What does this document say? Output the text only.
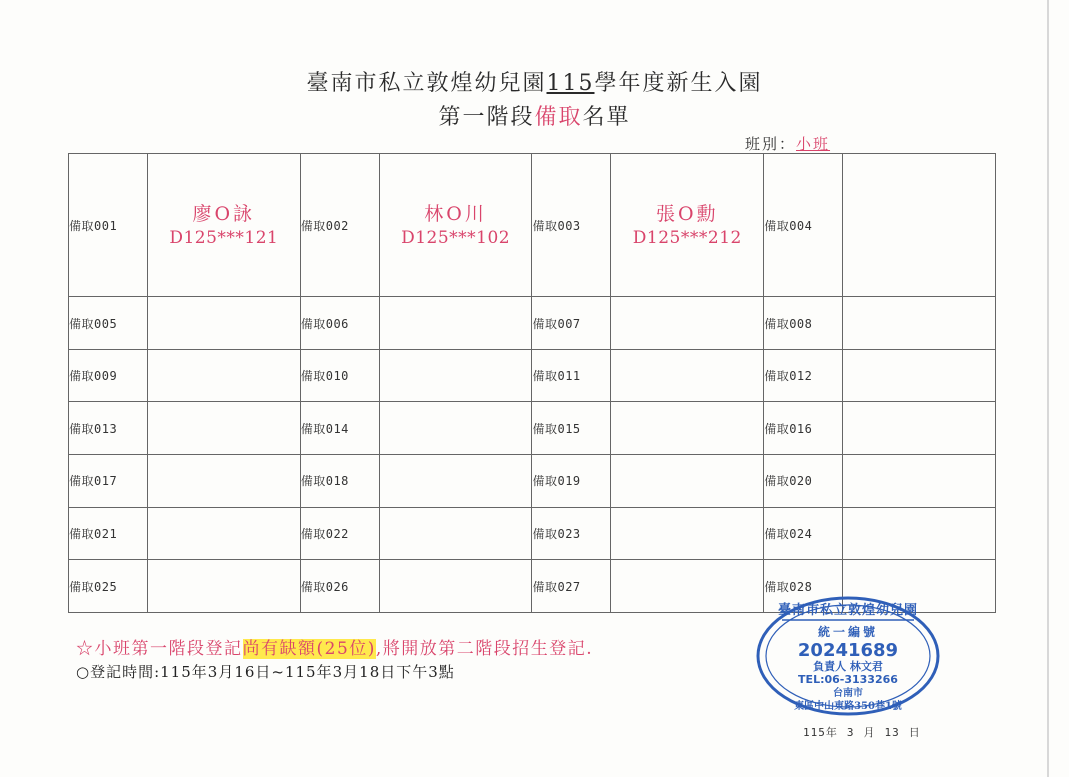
臺南市私立敦煌幼兒園115學年度新生入園
第一階段備取名單
班別：小班
備取001	廖O詠
D125***121	備取002	林O川
D125***102	備取003	張O勳
D125***212	備取004	

備取005		備取006		備取007		備取008	

備取009		備取010		備取011		備取012	

備取013		備取014		備取015		備取016	

備取017		備取018		備取019		備取020	

備取021		備取022		備取023		備取024	

備取025		備取026		備取027		備取028	
☆小班第一階段登記尚有缺額(25位),將開放第二階段招生登記.
○登記時間:115年3月16日~115年3月18日下午3點
臺南市私立敦煌幼兒園
統一編號
20241689
負責人 林文君
TEL:06-3133266
台南市
東區中山東路350巷1號
115年 3 月 13 日
